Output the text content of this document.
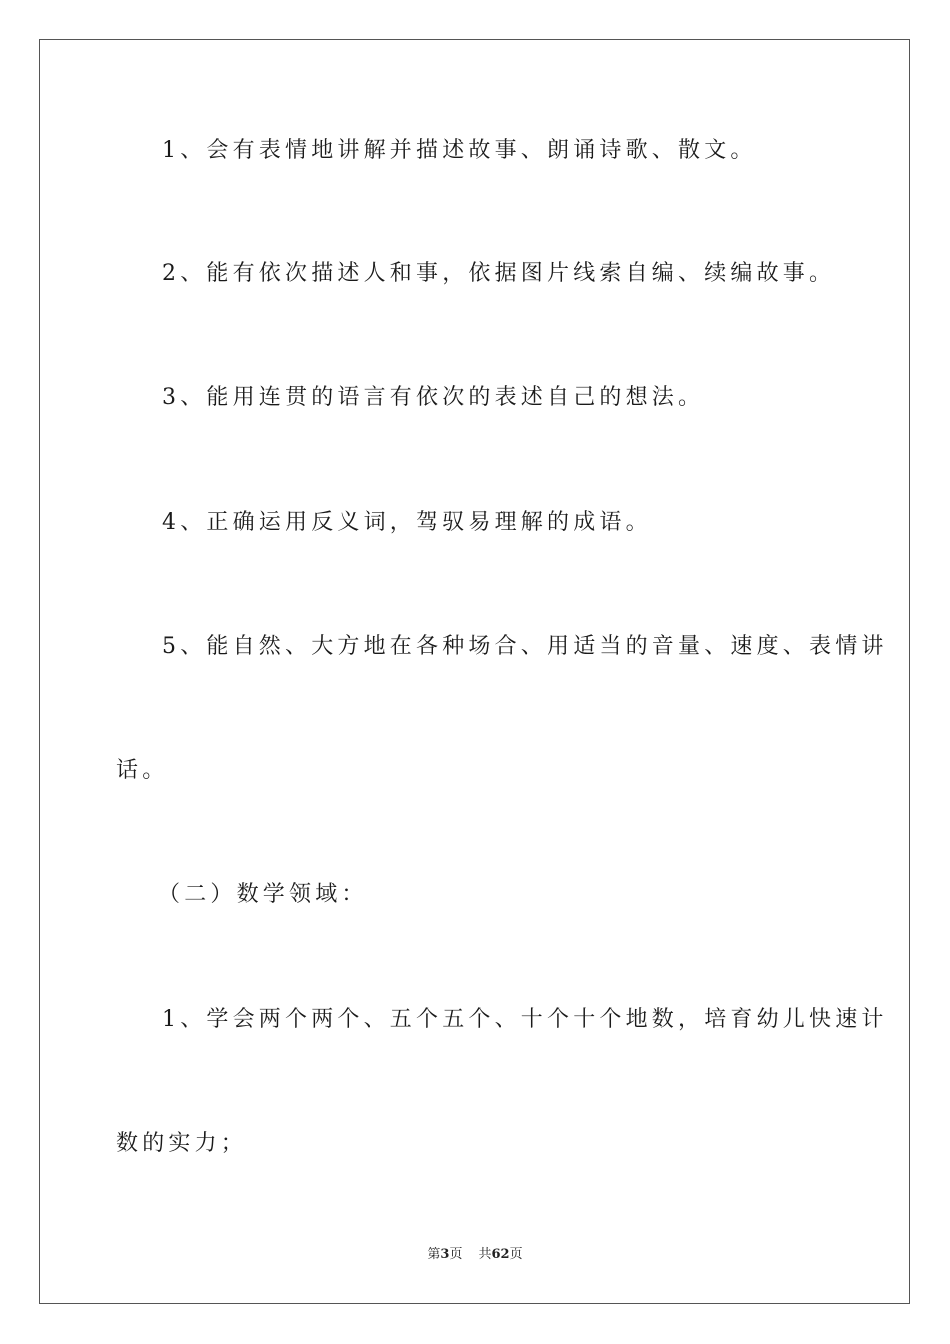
1、会有表情地讲解并描述故事、朗诵诗歌、散文。
2、能有依次描述人和事，依据图片线索自编、续编故事。
3、能用连贯的语言有依次的表述自己的想法。
4、正确运用反义词，驾驭易理解的成语。
5、能自然、大方地在各种场合、用适当的音量、速度、表情讲
话。
（二）数学领域：
1、学会两个两个、五个五个、十个十个地数，培育幼儿快速计
数的实力；
第3页 共62页
